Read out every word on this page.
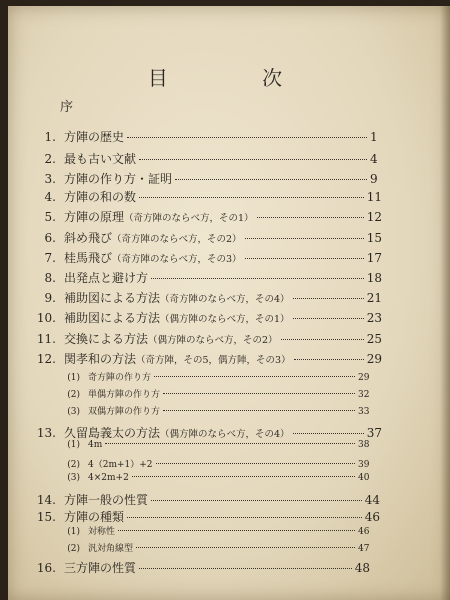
目 次
序
1. 方陣の歴史	1
2. 最も古い文献	4
3. 方陣の作り方・証明	9
4. 方陣の和の数	11
5. 方陣の原理 （奇方陣のならべ方，その1）	12
6. 斜め飛び （奇方陣のならべ方，その2）	15
7. 桂馬飛び （奇方陣のならべ方，その3）	17
8. 出発点と避け方	18
9. 補助図による方法 （奇方陣のならべ方，その4）	21
10. 補助図による方法 （偶方陣のならべ方，その1）	23
11. 交換による方法 （偶方陣のならべ方，その2）	25
12. 関孝和の方法 （奇方陣，その5，偶方陣，その3）	29
(1) 奇方陣の作り方	29
(2) 単偶方陣の作り方	32
(3) 双偶方陣の作り方	33
13. 久留島義太の方法 （偶方陣のならべ方，その4）	37
(1) 4m	38
(2) 4（2m+1）+2	39
(3) 4×2m+2	40
14. 方陣一般の性質	44
15. 方陣の種類	46
(1) 対称性	46
(2) 汎対角線型	47
16. 三方陣の性質	48
